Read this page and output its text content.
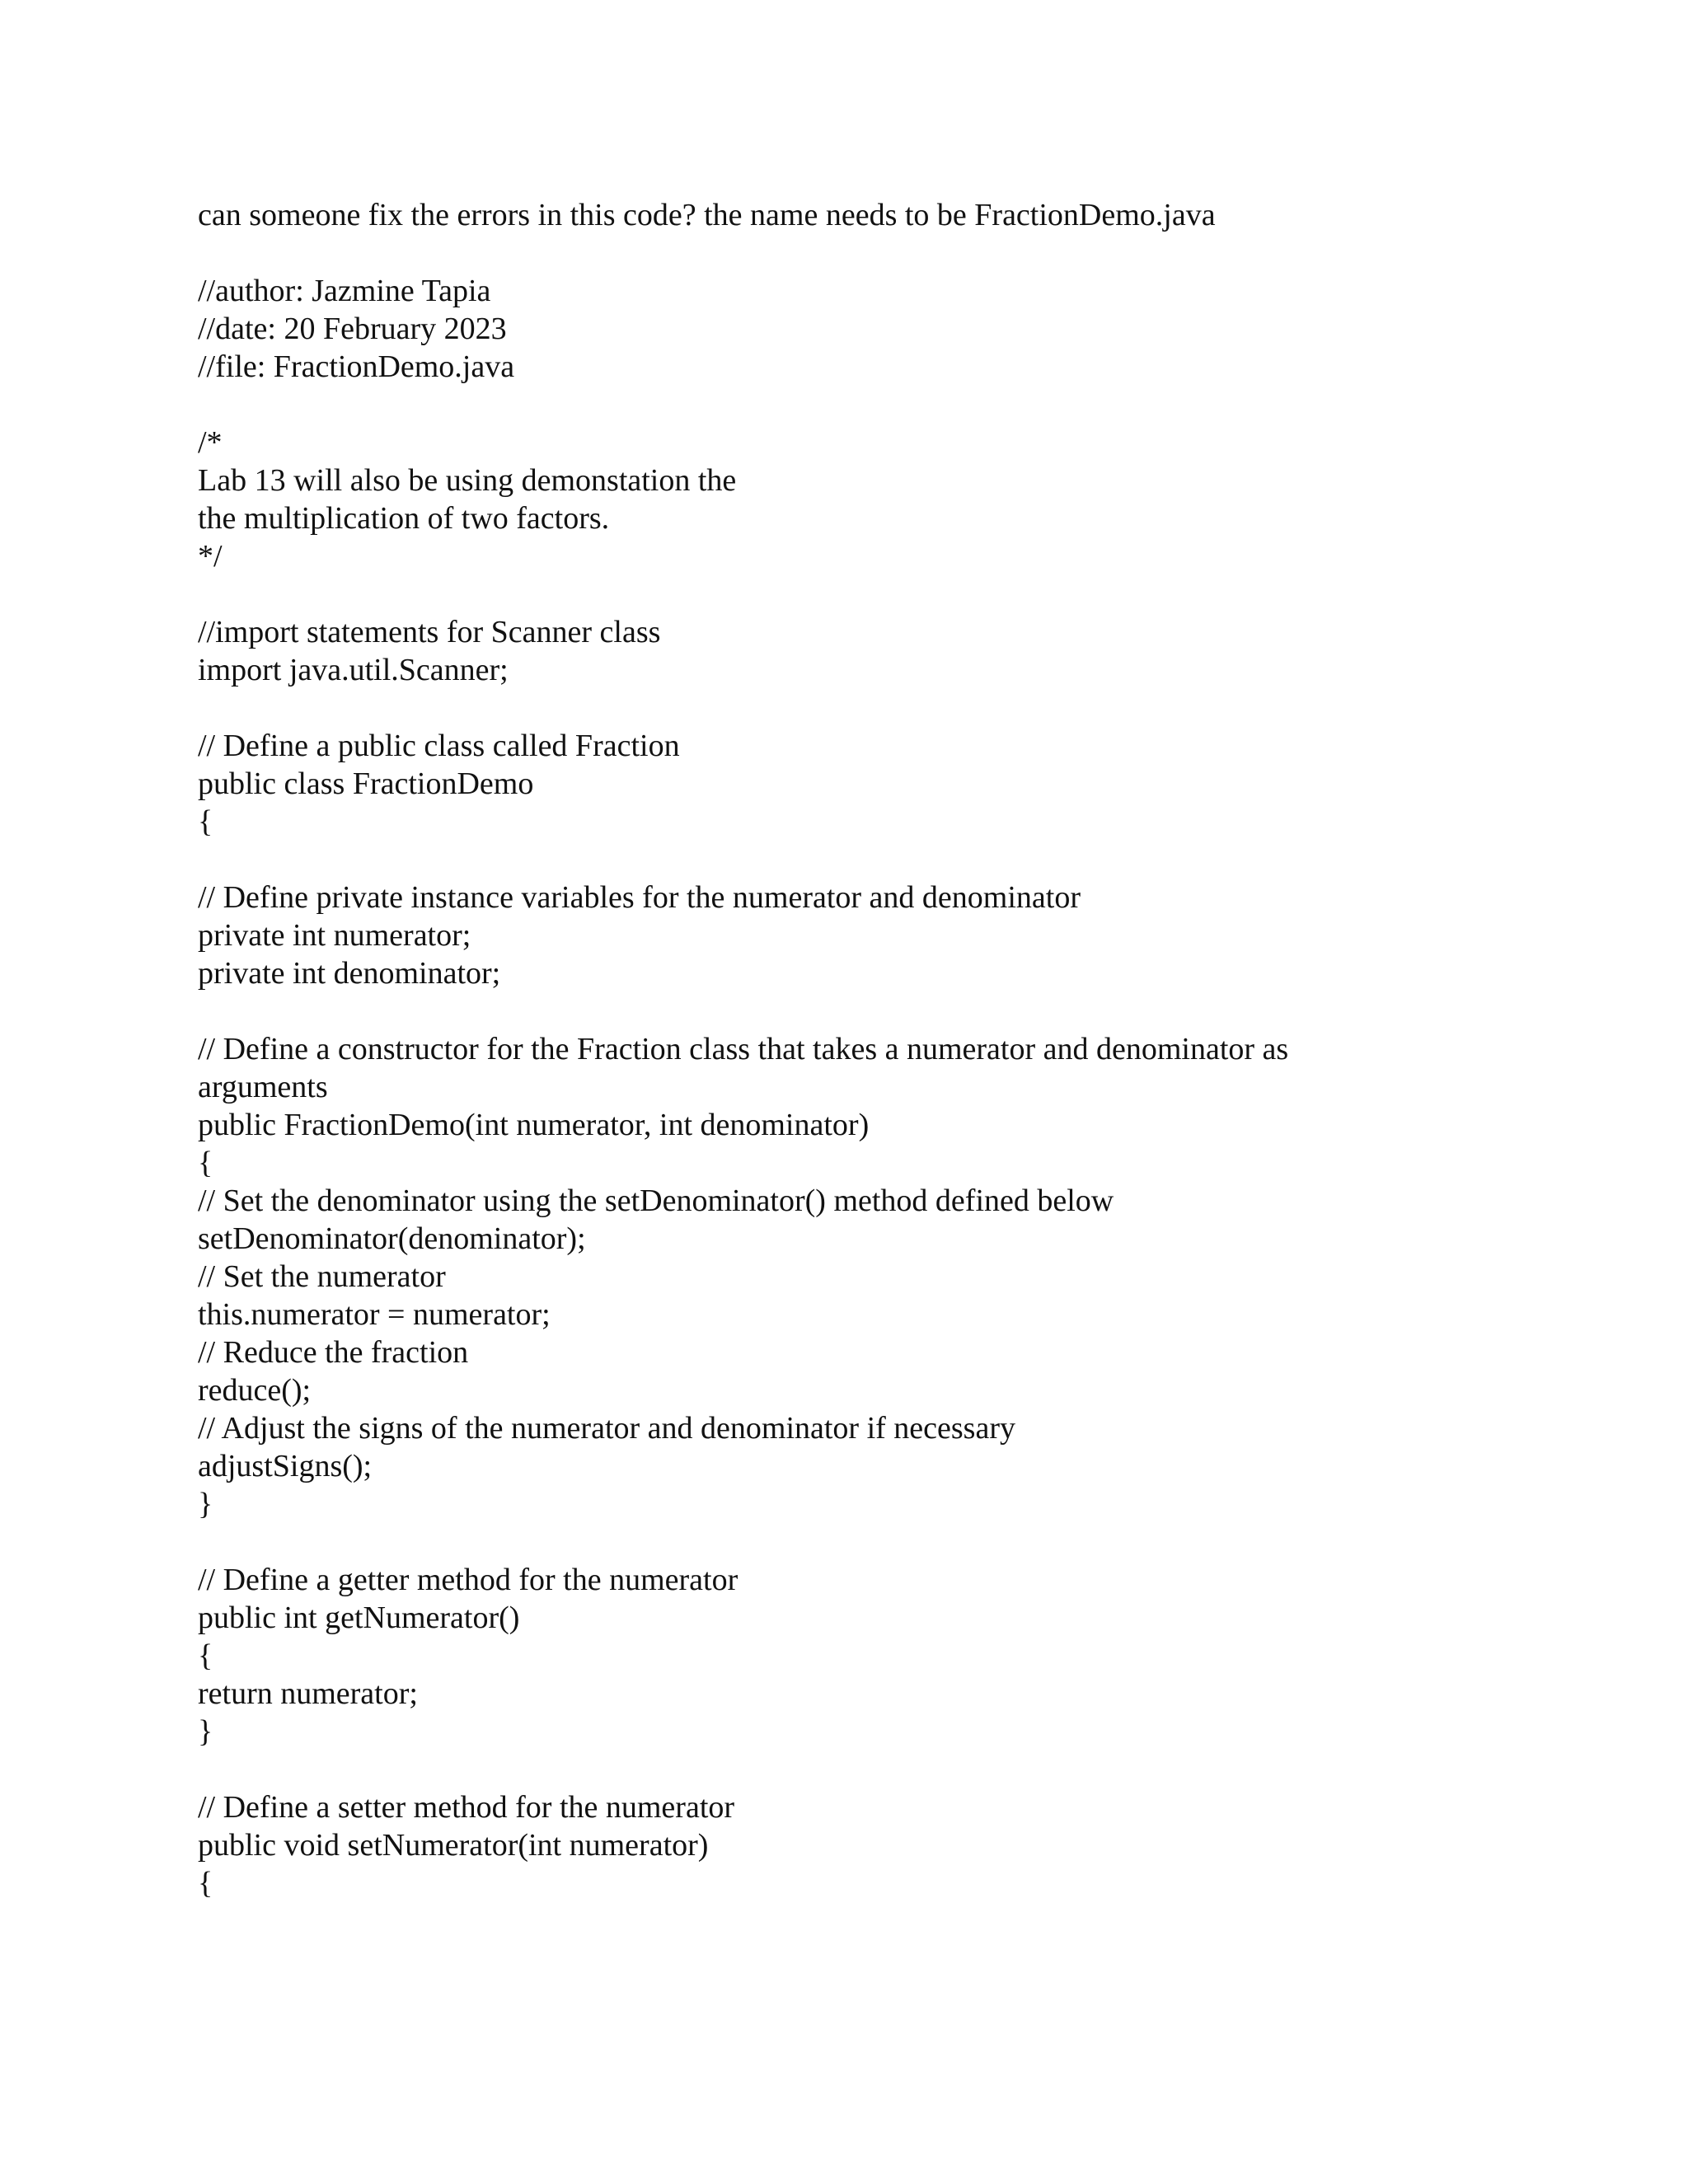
can someone fix the errors in this code? the name needs to be FractionDemo.java
//author: Jazmine Tapia
//date: 20 February 2023
//file: FractionDemo.java
/*
Lab 13 will also be using demonstation the
the multiplication of two factors.
*/
//import statements for Scanner class
import java.util.Scanner;
// Define a public class called Fraction
public class FractionDemo
{
// Define private instance variables for the numerator and denominator
private int numerator;
private int denominator;
// Define a constructor for the Fraction class that takes a numerator and denominator as
arguments
public FractionDemo(int numerator, int denominator)
{
// Set the denominator using the setDenominator() method defined below
setDenominator(denominator);
// Set the numerator
this.numerator = numerator;
// Reduce the fraction
reduce();
// Adjust the signs of the numerator and denominator if necessary
adjustSigns();
}
// Define a getter method for the numerator
public int getNumerator()
{
return numerator;
}
// Define a setter method for the numerator
public void setNumerator(int numerator)
{
